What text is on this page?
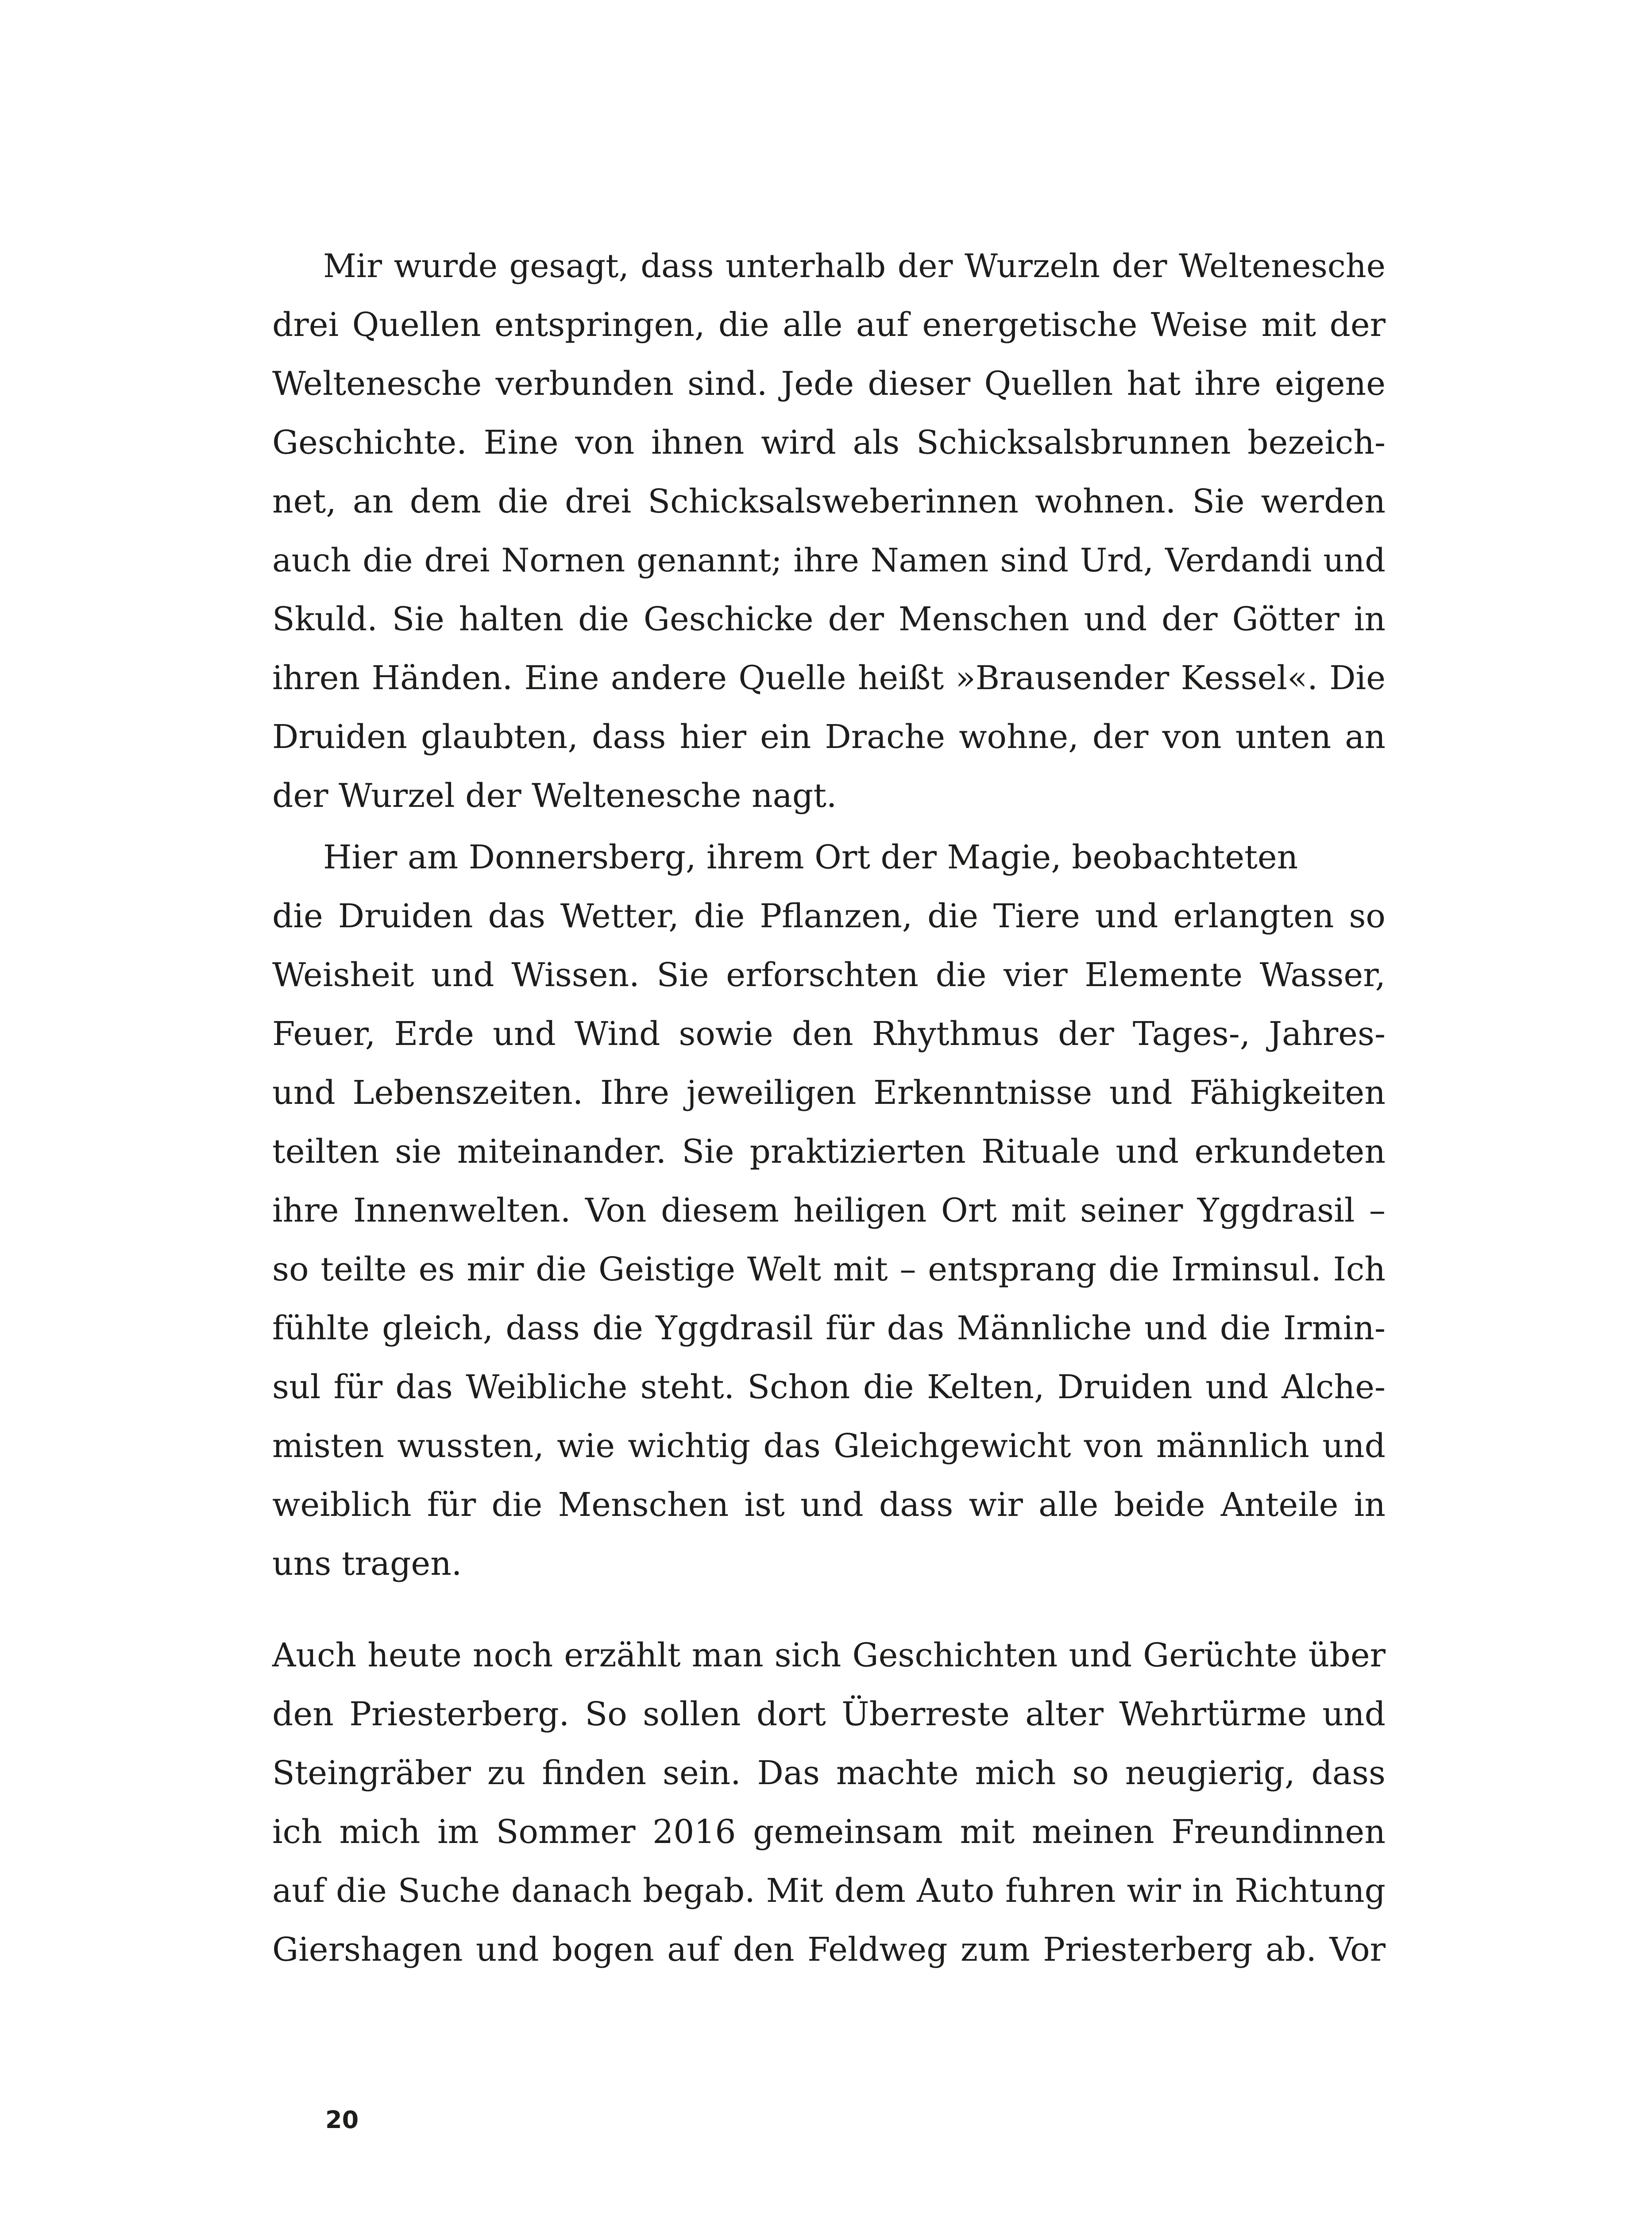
Mir wurde gesagt, dass unterhalb der Wurzeln der Weltenesche
drei Quellen entspringen, die alle auf energetische Weise mit der
Weltenesche verbunden sind. Jede dieser Quellen hat ihre eigene
Geschichte. Eine von ihnen wird als Schicksalsbrunnen bezeich-
net, an dem die drei Schicksalsweberinnen wohnen. Sie werden
auch die drei Nornen genannt; ihre Namen sind Urd, Verdandi und
Skuld. Sie halten die Geschicke der Menschen und der Götter in
ihren Händen. Eine andere Quelle heißt »Brausender Kessel«. Die
Druiden glaubten, dass hier ein Drache wohne, der von unten an
der Wurzel der Weltenesche nagt.
Hier am Donnersberg, ihrem Ort der Magie, beobachteten
die Druiden das Wetter, die Pflanzen, die Tiere und erlangten so
Weisheit und Wissen. Sie erforschten die vier Elemente Wasser,
Feuer, Erde und Wind sowie den Rhythmus der Tages-, Jahres-
und Lebenszeiten. Ihre jeweiligen Erkenntnisse und Fähigkeiten
teilten sie miteinander. Sie praktizierten Rituale und erkundeten
ihre Innenwelten. Von diesem heiligen Ort mit seiner Yggdrasil –
so teilte es mir die Geistige Welt mit – entsprang die Irminsul. Ich
fühlte gleich, dass die Yggdrasil für das Männliche und die Irmin-
sul für das Weibliche steht. Schon die Kelten, Druiden und Alche-
misten wussten, wie wichtig das Gleichgewicht von männlich und
weiblich für die Menschen ist und dass wir alle beide Anteile in
uns tragen.
Auch heute noch erzählt man sich Geschichten und Gerüchte über
den Priesterberg. So sollen dort Überreste alter Wehrtürme und
Steingräber zu finden sein. Das machte mich so neugierig, dass
ich mich im Sommer 2016 gemeinsam mit meinen Freundinnen
auf die Suche danach begab. Mit dem Auto fuhren wir in Richtung
Giershagen und bogen auf den Feldweg zum Priesterberg ab. Vor
20
